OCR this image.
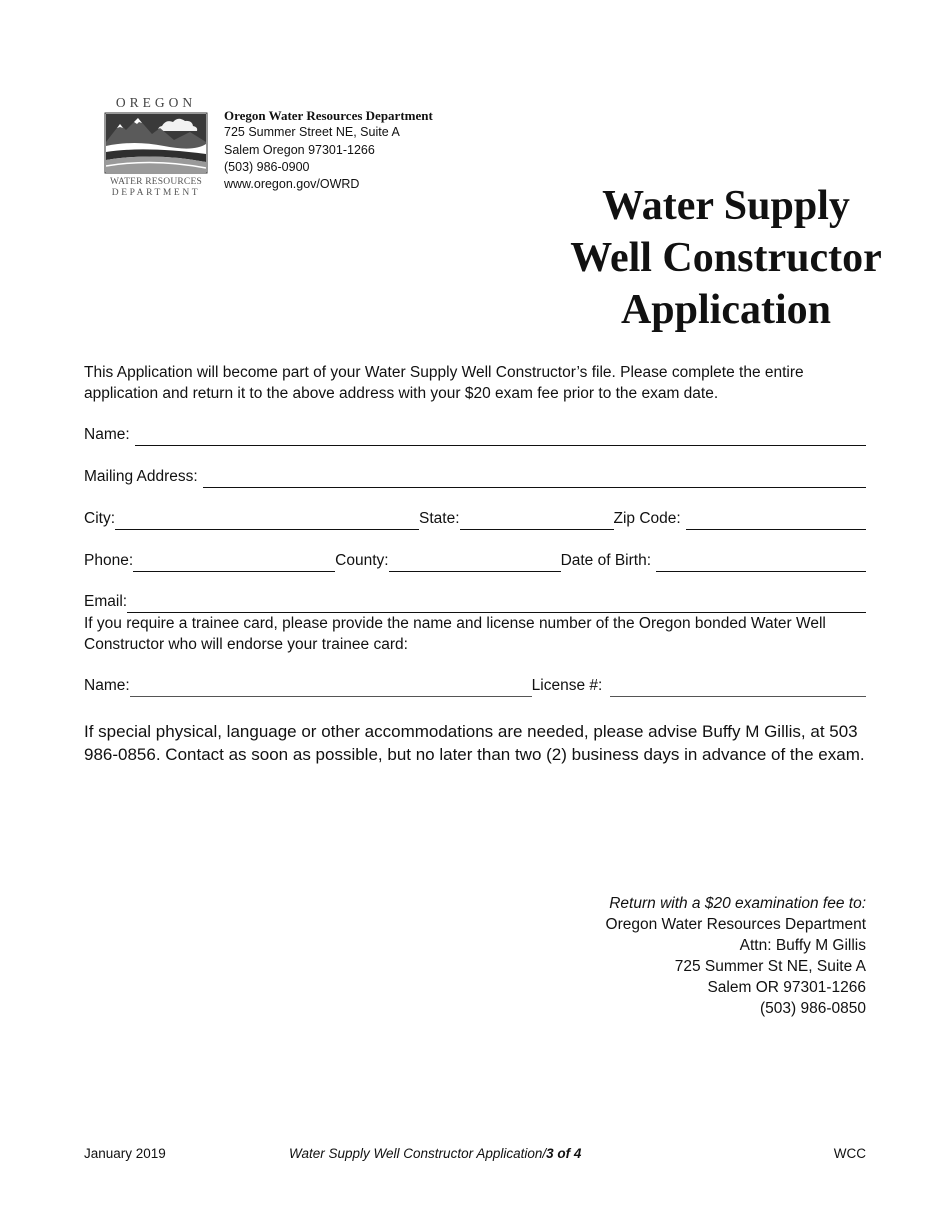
OREGON
WATER RESOURCES
DEPARTMENT
Oregon Water Resources Department
725 Summer Street NE, Suite A
Salem Oregon 97301-1266
(503) 986-0900
www.oregon.gov/OWRD	Water Supply
Well Constructor
Application
This Application will become part of your Water Supply Well Constructor’s file. Please complete the entire application and return it to the above address with your $20 exam fee prior to the exam date.
Name:
Mailing Address:
City:	State:	Zip Code:
Phone:	County:	Date of Birth:
Email:
If you require a trainee card, please provide the name and license number of the Oregon bonded Water Well Constructor who will endorse your trainee card:
Name:	License #:
If special physical, language or other accommodations are needed, please advise Buffy M Gillis, at 503 986-0856. Contact as soon as possible, but no later than two (2) business days in advance of the exam.
Return with a $20 examination fee to:
Oregon Water Resources Department
Attn: Buffy M Gillis
725 Summer St NE, Suite A
Salem OR 97301-1266
(503) 986-0850
January 2019	Water Supply Well Constructor Application/3 of 4	WCC
